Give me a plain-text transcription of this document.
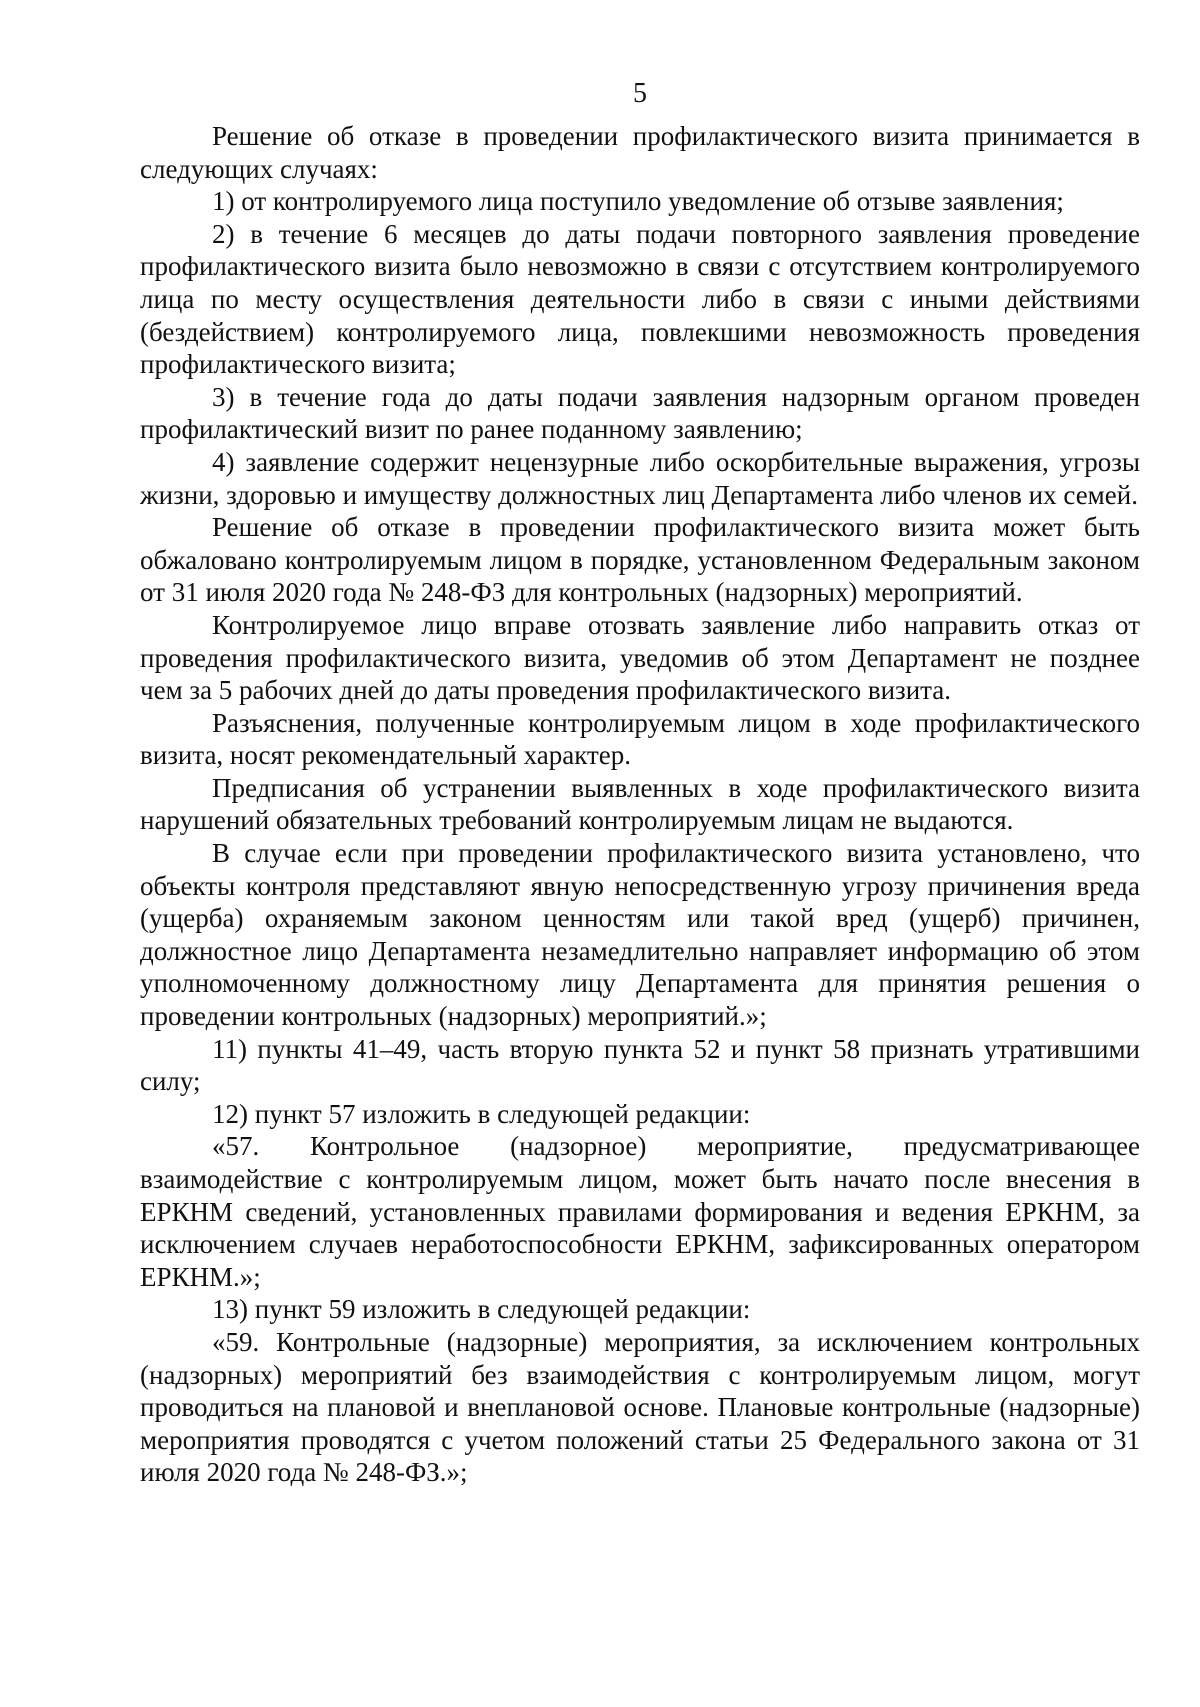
5

Решение об отказе в проведении профилактического визита принимается в следующих случаях:

1) от контролируемого лица поступило уведомление об отзыве заявления;

2) в течение 6 месяцев до даты подачи повторного заявления проведение профилактического визита было невозможно в связи с отсутствием контролируемого лица по месту осуществления деятельности либо в связи с иными действиями (бездействием) контролируемого лица, повлекшими невозможность проведения профилактического визита;

3) в течение года до даты подачи заявления надзорным органом проведен профилактический визит по ранее поданному заявлению;

4) заявление содержит нецензурные либо оскорбительные выражения, угрозы жизни, здоровью и имуществу должностных лиц Департамента либо членов их семей.

Решение об отказе в проведении профилактического визита может быть обжаловано контролируемым лицом в порядке, установленном Федеральным законом от 31 июля 2020 года № 248-ФЗ для контрольных (надзорных) мероприятий.

Контролируемое лицо вправе отозвать заявление либо направить отказ от проведения профилактического визита, уведомив об этом Департамент не позднее чем за 5 рабочих дней до даты проведения профилактического визита.

Разъяснения, полученные контролируемым лицом в ходе профилактического визита, носят рекомендательный характер.

Предписания об устранении выявленных в ходе профилактического визита нарушений обязательных требований контролируемым лицам не выдаются.

В случае если при проведении профилактического визита установлено, что объекты контроля представляют явную непосредственную угрозу причинения вреда (ущерба) охраняемым законом ценностям или такой вред (ущерб) причинен, должностное лицо Департамента незамедлительно направляет информацию об этом уполномоченному должностному лицу Департамента для принятия решения о проведении контрольных (надзорных) мероприятий.»;

11) пункты 41–49, часть вторую пункта 52 и пункт 58 признать утратившими силу;

12) пункт 57 изложить в следующей редакции:

«57. Контрольное (надзорное) мероприятие, предусматривающее взаимодействие с контролируемым лицом, может быть начато после внесения в ЕРКНМ сведений, установленных правилами формирования и ведения ЕРКНМ, за исключением случаев неработоспособности ЕРКНМ, зафиксированных оператором ЕРКНМ.»;

13) пункт 59 изложить в следующей редакции:

«59. Контрольные (надзорные) мероприятия, за исключением контрольных (надзорных) мероприятий без взаимодействия с контролируемым лицом, могут проводиться на плановой и внеплановой основе. Плановые контрольные (надзорные) мероприятия проводятся с учетом положений статьи 25 Федерального закона от 31 июля 2020 года № 248-ФЗ.»;
